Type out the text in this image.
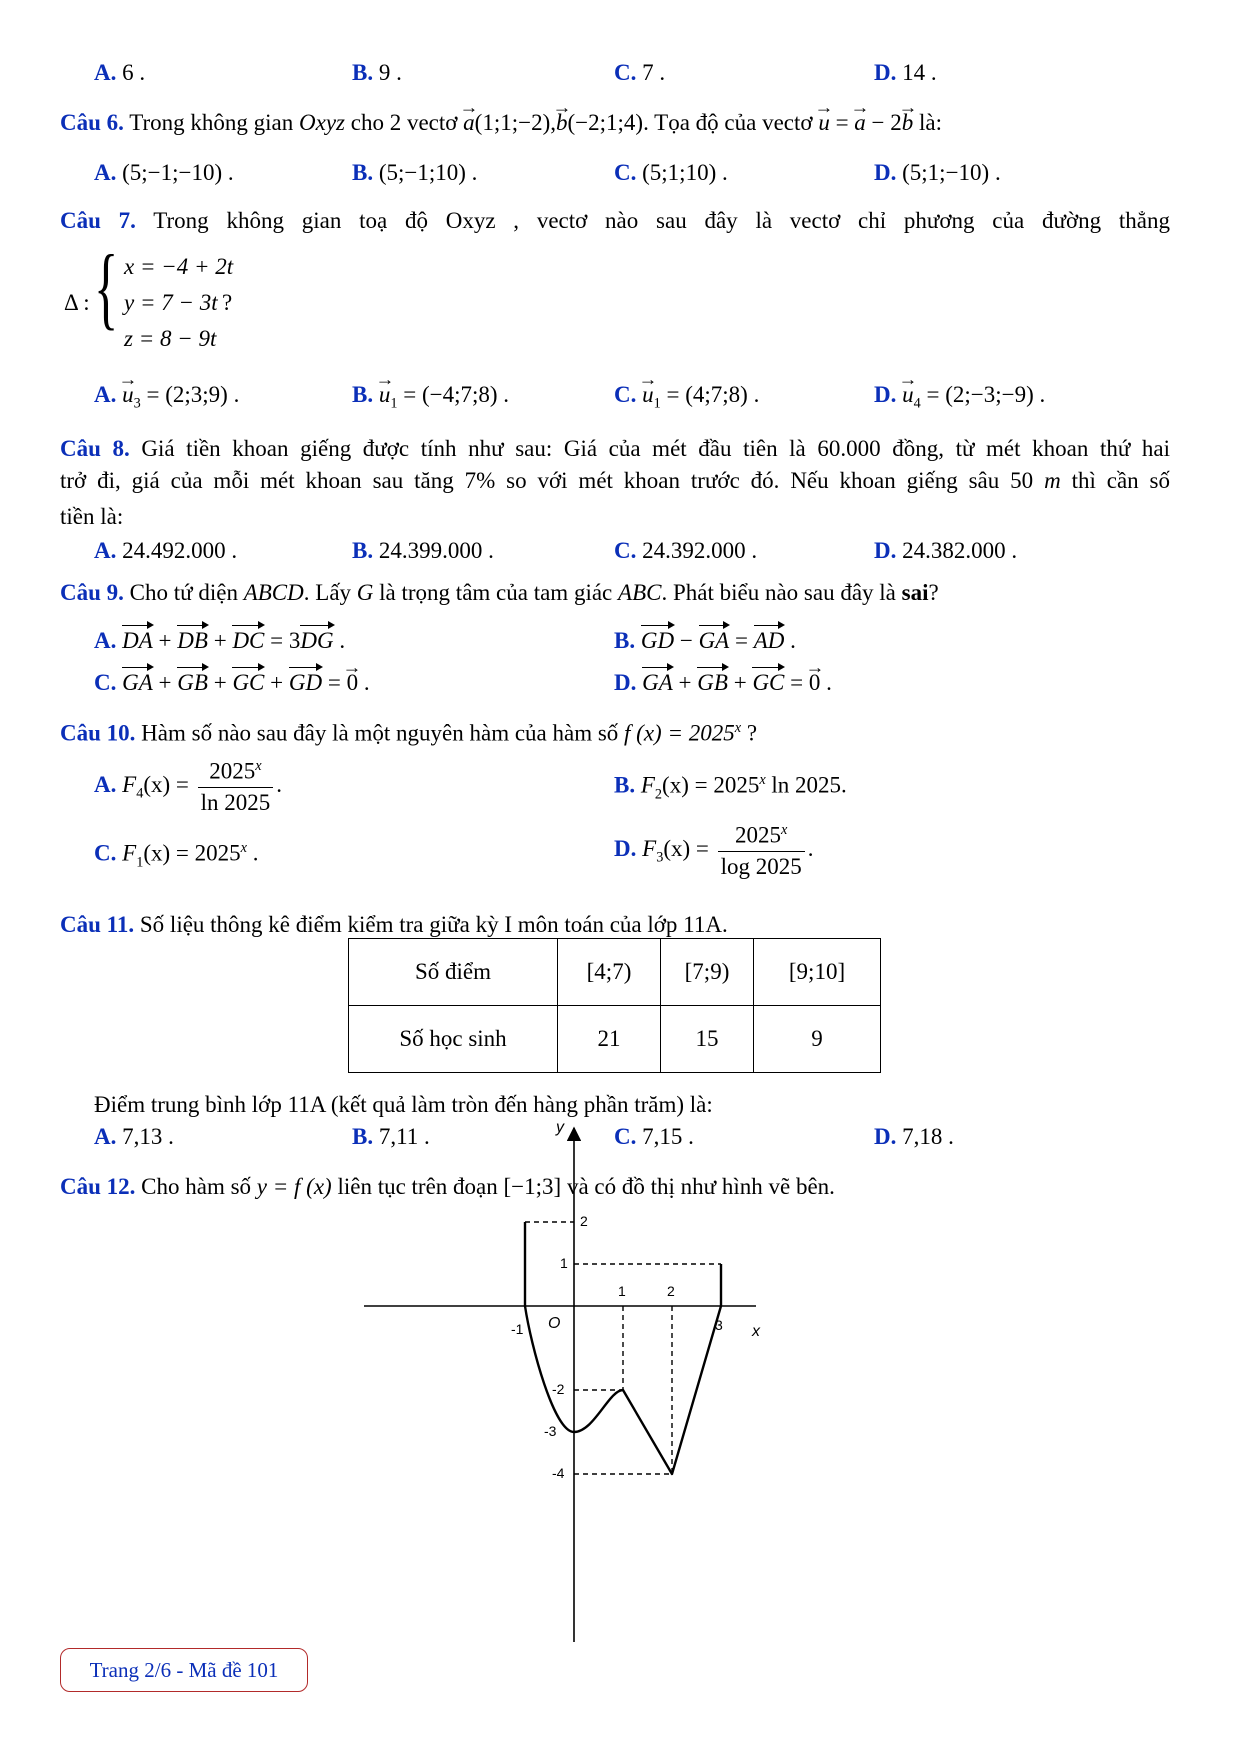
A. 6 .	B. 9 .	C. 7 .	D. 14 .
Câu 6. Trong không gian Oxyz cho 2 vectơ → a(1;1;−2),→ b(−2;1;4). Tọa độ của vectơ → u = → a − 2→ b là:
A. (5;−1;−10) .	B. (5;−1;10) .	C. (5;1;10) .	D. (5;1;−10) .
Câu 7. Trong không gian toạ độ Oxyz , vectơ nào sau đây là vectơ chỉ phương của đường thẳng
Δ : { x = −4 + 2t
y = 7 − 3t
z = 8 − 9t
?
A. → $u_3$ = (2;3;9) .	B. → $u_1$ = (−4;7;8) .	C. → $u_1$ = (4;7;8) .	D. → $u_4$ = (2;−3;−9) .
Câu 8. Giá tiền khoan giếng được tính như sau: Giá của mét đầu tiên là 60.000 đồng, từ mét khoan thứ hai
trở đi, giá của mỗi mét khoan sau tăng 7% so với mét khoan trước đó. Nếu khoan giếng sâu 50 m thì cần số
tiền là:
A. 24.492.000 .	B. 24.399.000 .	C. 24.392.000 .	D. 24.382.000 .
Câu 9. Cho tứ diện ABCD. Lấy G là trọng tâm của tam giác ABC. Phát biểu nào sau đây là sai?
A. DA + DB + DC = 3DG .	B. GD − GA = AD .
C. GA + GB + GC + GD = → 0 .	D. GA + GB + GC = → 0 .
Câu 10. Hàm số nào sau đây là một nguyên hàm của hàm số f $(x) = 2025^x$ ?
A. $F_4(x) = \frac{2025^x}{\ln 2025}$ .	B. $F_2(x) = 2025^x$ ln 2025.
C. $F_1(x) = 2025^x$ .	D. $F_3(x) = \frac{2025^x}{\log 2025}$ .
Câu 11. Số liệu thông kê điểm kiểm tra giữa kỳ I môn toán của lớp 11A.
Số điểm	[4;7)	[7;9)	[9;10]
Số học sinh	21	15	9
Điểm trung bình lớp 11A (kết quả làm tròn đến hàng phần trăm) là:
A. 7,13 .	B. 7,11 .	C. 7,15 .	D. 7,18 .
Câu 12. Cho hàm số y = f (x) liên tục trên đoạn [−1;3] và có đồ thị như hình vẽ bên.
y
x
O
-1
1	2
3
2
1
-2
-3
-4
Trang 2/6 - Mã đề 101
